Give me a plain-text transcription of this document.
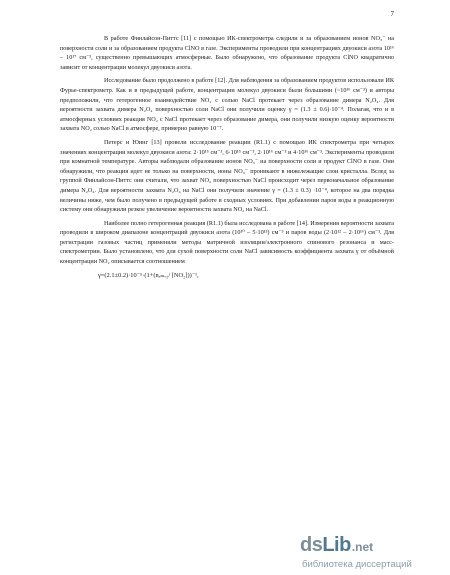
7

В работе Финлайсон-Питтс [11] с помощью ИК-спектрометра следили и за образованием ионов NO₃⁻ на поверхности соли и за образованием продукта ClNO в газе. Эксперименты проводили при концентрациях двуокиси азота 10¹⁶ – 10¹⁷ см⁻³, существенно превышающих атмосферные. Было обнаружено, что образование продукта ClNO квадратично зависит от концентрации молекул двуокиси азота.

Исследование было продолжено в работе [12]. Для наблюдения за образованием продуктов использовали ИК Фурье-спектрометр. Как и в предыдущей работе, концентрации молекул двуокиси были большими (~10¹⁶ см⁻³) и авторы предположили, что гетерогенное взаимодействие NO₂ с солью NaCl протекает через образование димера N₂O₄. Для вероятности захвата димера N₂O₄ поверхностью соли NaCl они получили оценку γ = (1.3 ± 0.6)·10⁻⁴. Полагая, что и в атмосферных условиях реакция NO₂ с NaCl протекает через образование димера, они получили низкую оценку вероятности захвата NO₂ солью NaCl в атмосфере, примерно равную 10⁻⁷.

Петерс и Юинг [13] провели исследование реакции (R1.1) с помощью ИК спектрометра при четырех значениях концентрации молекул двуокиси азота: 2·10¹⁵ см⁻³, 6·10¹⁵ см⁻³, 2·10¹⁶ см⁻³ и 4·10¹⁶ см⁻³. Эксперименты проводили при комнатной температуре. Авторы наблюдали образование ионов NO₃⁻ на поверхности соли и продукт ClNO в газе. Они обнаружили, что реакция идет не только на поверхности, ионы NO₃⁻ проникают в нижележащие слои кристалла. Вслед за группой Финлайсон-Питтс они считали, что захват NO₂ поверхностью NaCl происходит через первоначальное образование димера N₂O₄. Для вероятности захвата N₂O₄ на NaCl они получили значение γ = (1.3 ± 0.3) ·10⁻⁴, которое на два порядка величины ниже, чем было получено в предыдущей работе в сходных условиях. При добавлении паров воды в реакционную систему они обнаружили резкое увеличение вероятности захвата NO₂ на NaCl.

Наиболее полно гетерогенная реакция (R1.1) была исследована в работе [14]. Измерения вероятности захвата проводили в широком диапазоне концентраций двуокиси азота (10¹⁰ – 5·10¹³) см⁻³ и паров воды (2·10¹² – 2·10¹⁶) см⁻³. Для регистрации газовых частиц применяли методы матричной изоляции/электронного спинового резонанса и масс-спектрометрии. Было установлено, что для сухой поверхности соли NaCl зависимость коэффициента захвата γ от объёмной концентрации NO₂ описывается соотношением

γ=(2.1±0.2)·10⁻⁵·(1+(nₐₘₒ₂/ [NO₂]))⁻¹,

ds Lib .net
библиотека диссертаций
